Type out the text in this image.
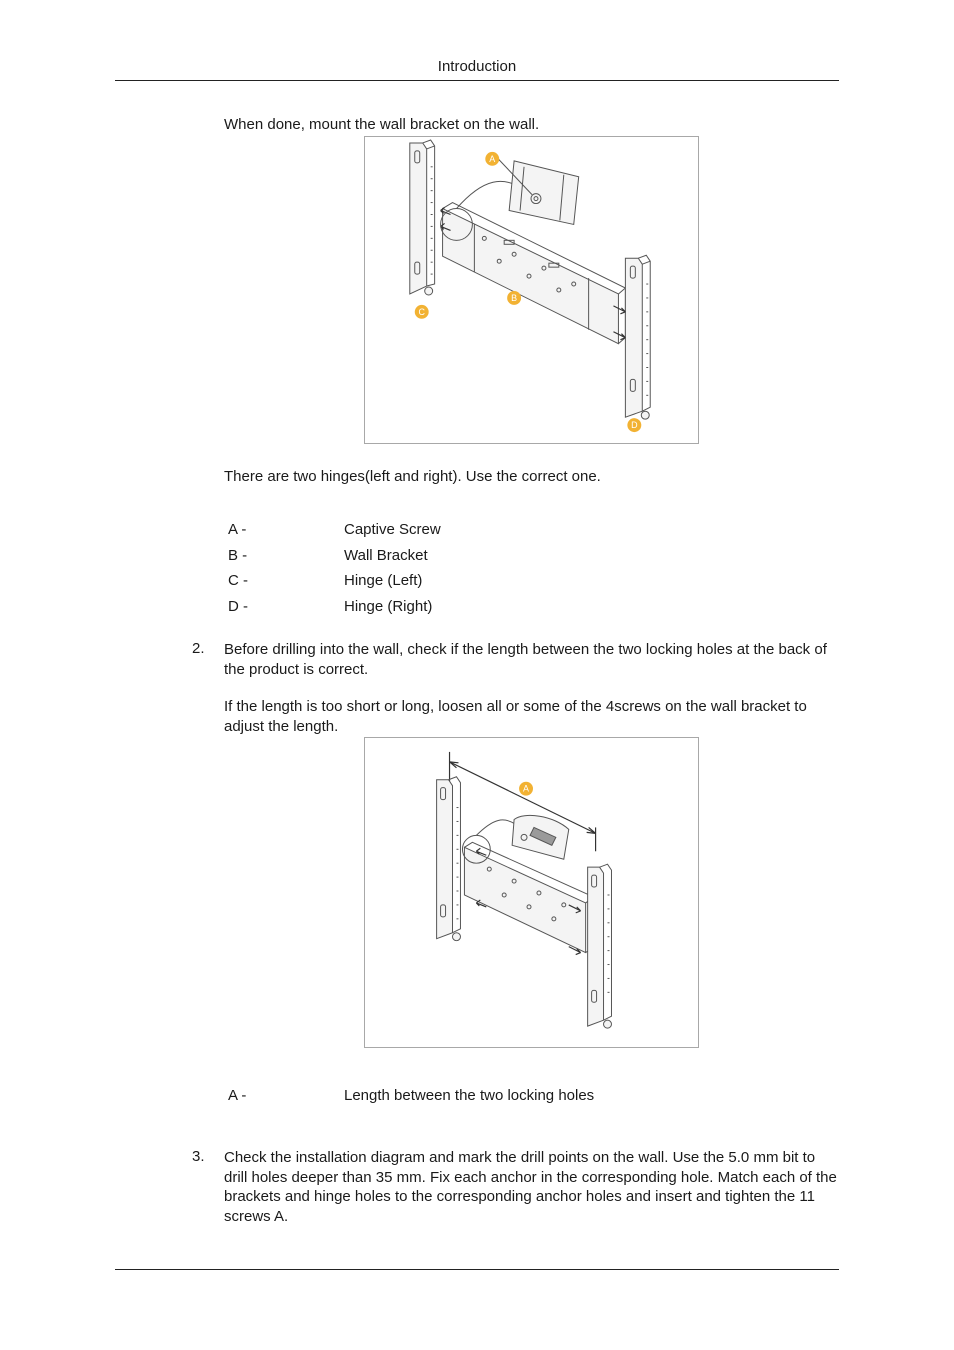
Introduction
When done, mount the wall bracket on the wall.
A
B
C
D
There are two hinges(left and right). Use the correct one.
A -	Captive Screw
B -	Wall Bracket
C -	Hinge (Left)
D -	Hinge (Right)
2. Before drilling into the wall, check if the length between the two locking holes at the back of the product is correct.
If the length is too short or long, loosen all or some of the 4screws on the wall bracket to adjust the length.
A
A -	Length between the two locking holes
3. Check the installation diagram and mark the drill points on the wall. Use the 5.0 mm bit to drill holes deeper than 35 mm. Fix each anchor in the corresponding hole. Match each of the brackets and hinge holes to the corresponding anchor holes and insert and tighten the 11 screws A.
